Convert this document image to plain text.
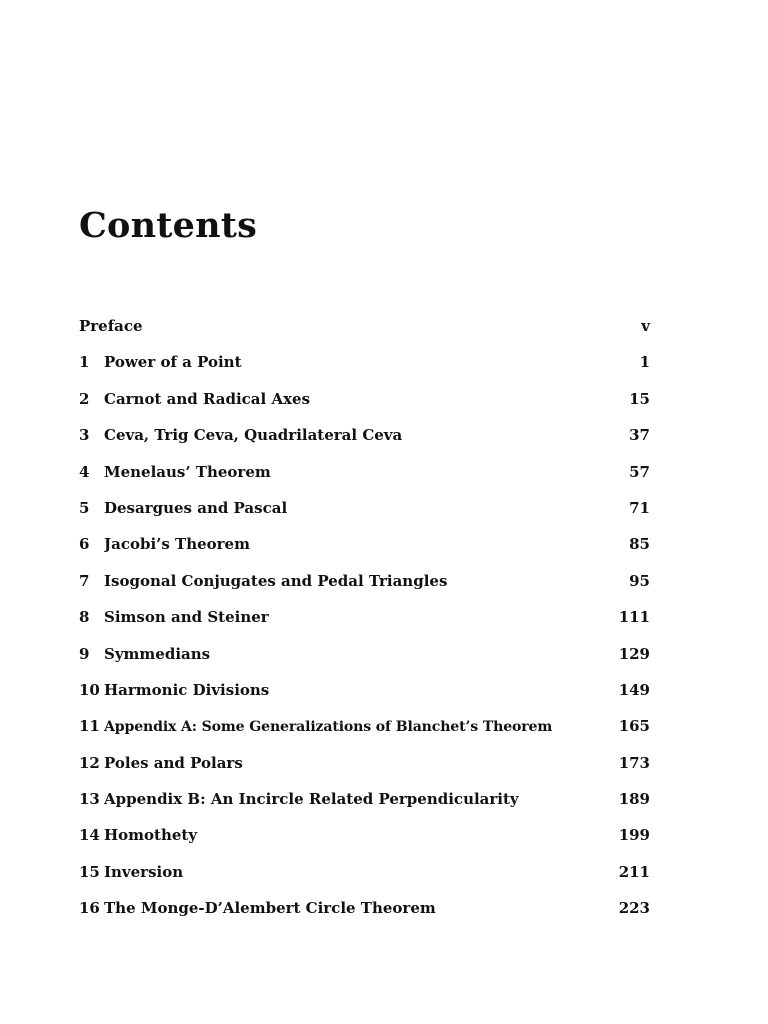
Contents
Preface	v
1 Power of a Point	1
2 Carnot and Radical Axes	15
3 Ceva, Trig Ceva, Quadrilateral Ceva	37
4 Menelaus’ Theorem	57
5 Desargues and Pascal	71
6 Jacobi’s Theorem	85
7 Isogonal Conjugates and Pedal Triangles	95
8 Simson and Steiner	111
9 Symmedians	129
10 Harmonic Divisions	149
11 Appendix A: Some Generalizations of Blanchet’s Theorem	165
12 Poles and Polars	173
13 Appendix B: An Incircle Related Perpendicularity	189
14 Homothety	199
15 Inversion	211
16 The Monge-D’Alembert Circle Theorem	223
